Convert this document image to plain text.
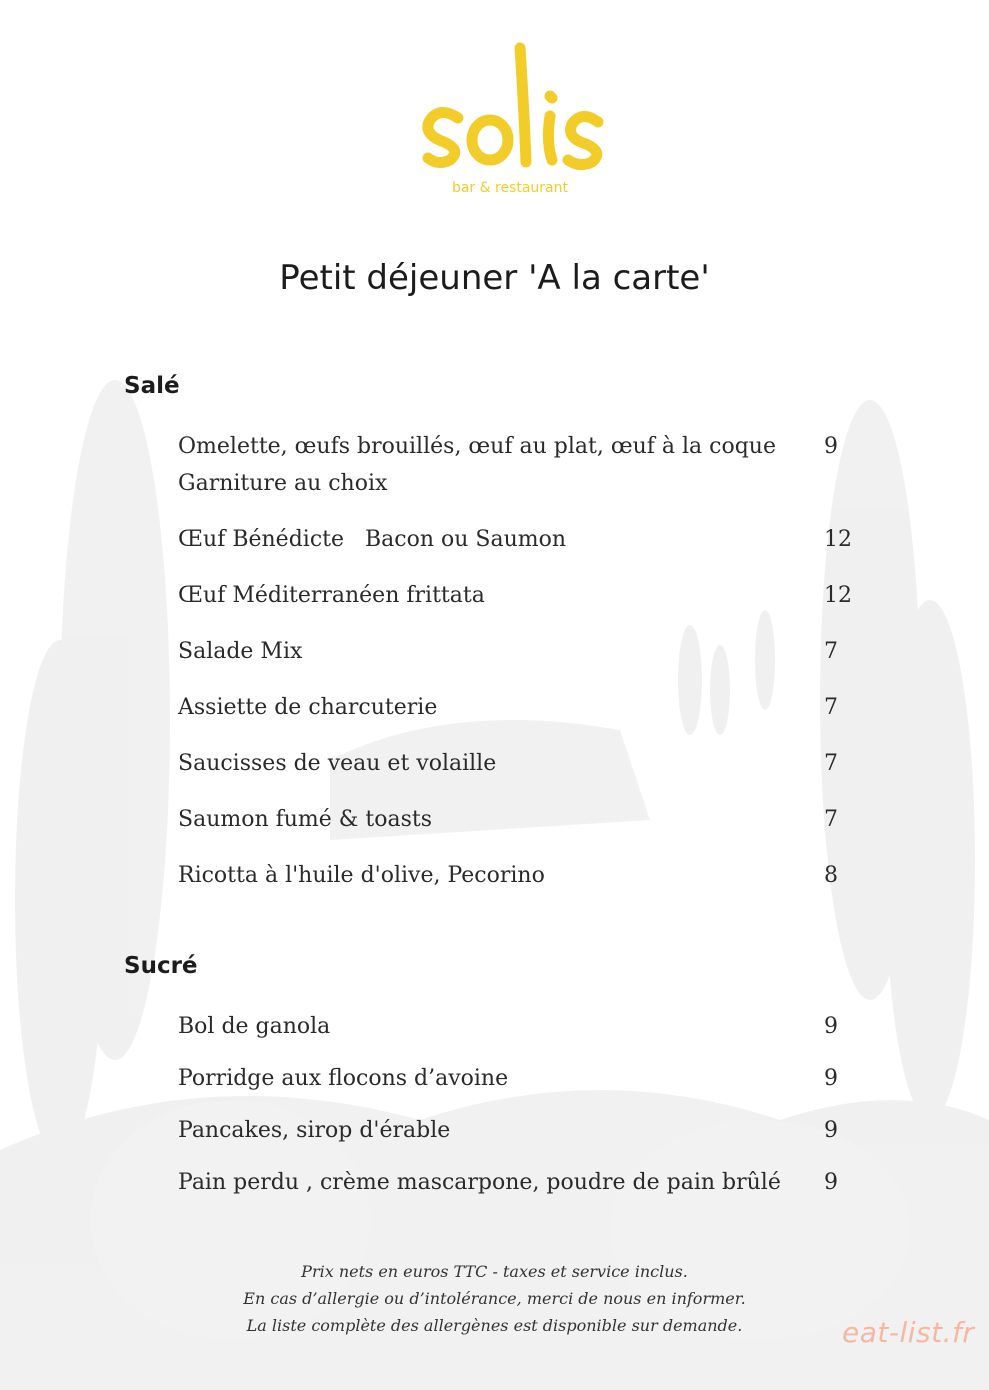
bar & restaurant
Petit déjeuner 'A la carte'
Salé
Omelette, œufs brouillés, œuf au plat, œuf à la coque
Garniture au choix
9
Œuf Bénédicte   Bacon ou Saumon	12
Œuf Méditerranéen frittata	12
Salade Mix	7
Assiette de charcuterie	7
Saucisses de veau et volaille	7
Saumon fumé & toasts	7
Ricotta à l'huile d'olive, Pecorino	8
Sucré
Bol de ganola	9
Porridge aux flocons d’avoine	9
Pancakes, sirop d'érable	9
Pain perdu , crème mascarpone, poudre de pain brûlé	9
Prix nets en euros TTC - taxes et service inclus.
En cas d’allergie ou d’intolérance, merci de nous en informer.
La liste complète des allergènes est disponible sur demande.	eat-list.fr
